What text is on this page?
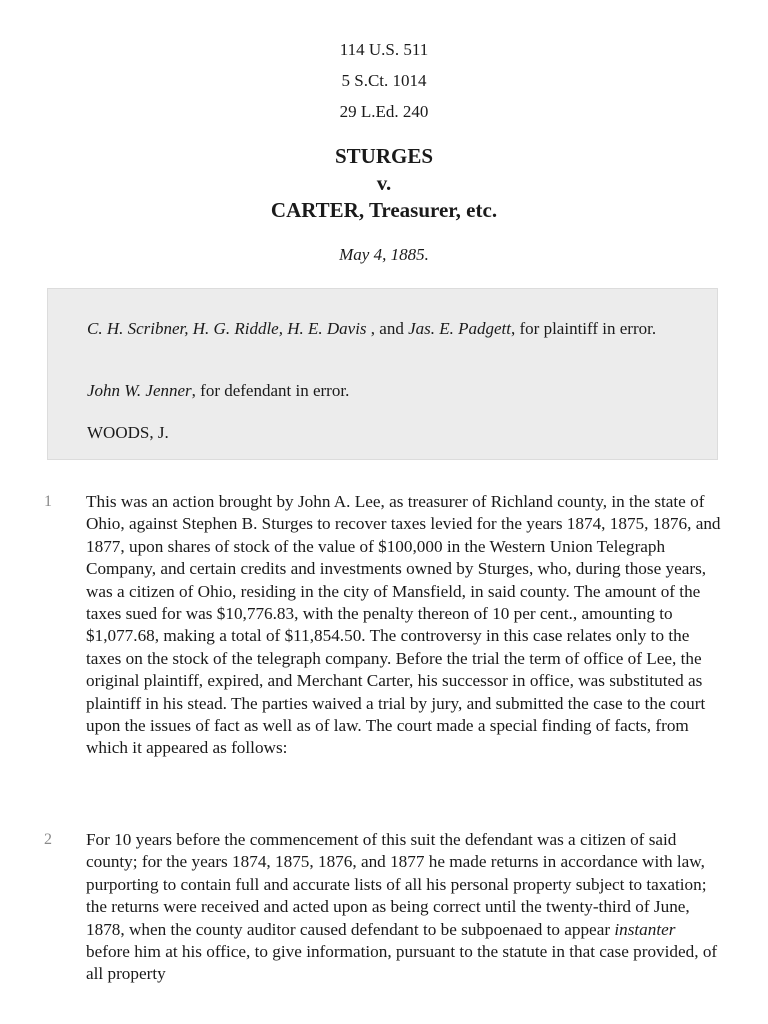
114 U.S. 511
5 S.Ct. 1014
29 L.Ed. 240
STURGES
v.
CARTER, Treasurer, etc.
May 4, 1885.

C. H. Scribner, H. G. Riddle, H. E. Davis , and Jas. E. Padgett, for plaintiff in error.

John W. Jenner, for defendant in error.

WOODS, J.

1 This was an action brought by John A. Lee, as treasurer of Richland county, in the state of Ohio, against Stephen B. Sturges to recover taxes levied for the years 1874, 1875, 1876, and 1877, upon shares of stock of the value of $100,000 in the Western Union Telegraph Company, and certain credits and investments owned by Sturges, who, during those years, was a citizen of Ohio, residing in the city of Mansfield, in said county. The amount of the taxes sued for was $10,776.83, with the penalty thereon of 10 per cent., amounting to $1,077.68, making a total of $11,854.50. The controversy in this case relates only to the taxes on the stock of the telegraph company. Before the trial the term of office of Lee, the original plaintiff, expired, and Merchant Carter, his successor in office, was substituted as plaintiff in his stead. The parties waived a trial by jury, and submitted the case to the court upon the issues of fact as well as of law. The court made a special finding of facts, from which it appeared as follows:

2 For 10 years before the commencement of this suit the defendant was a citizen of said county; for the years 1874, 1875, 1876, and 1877 he made returns in accordance with law, purporting to contain full and accurate lists of all his personal property subject to taxation; the returns were received and acted upon as being correct until the twenty-third of June, 1878, when the county auditor caused defendant to be subpoenaed to appear instanter before him at his office, to give information, pursuant to the statute in that case provided, of all property
